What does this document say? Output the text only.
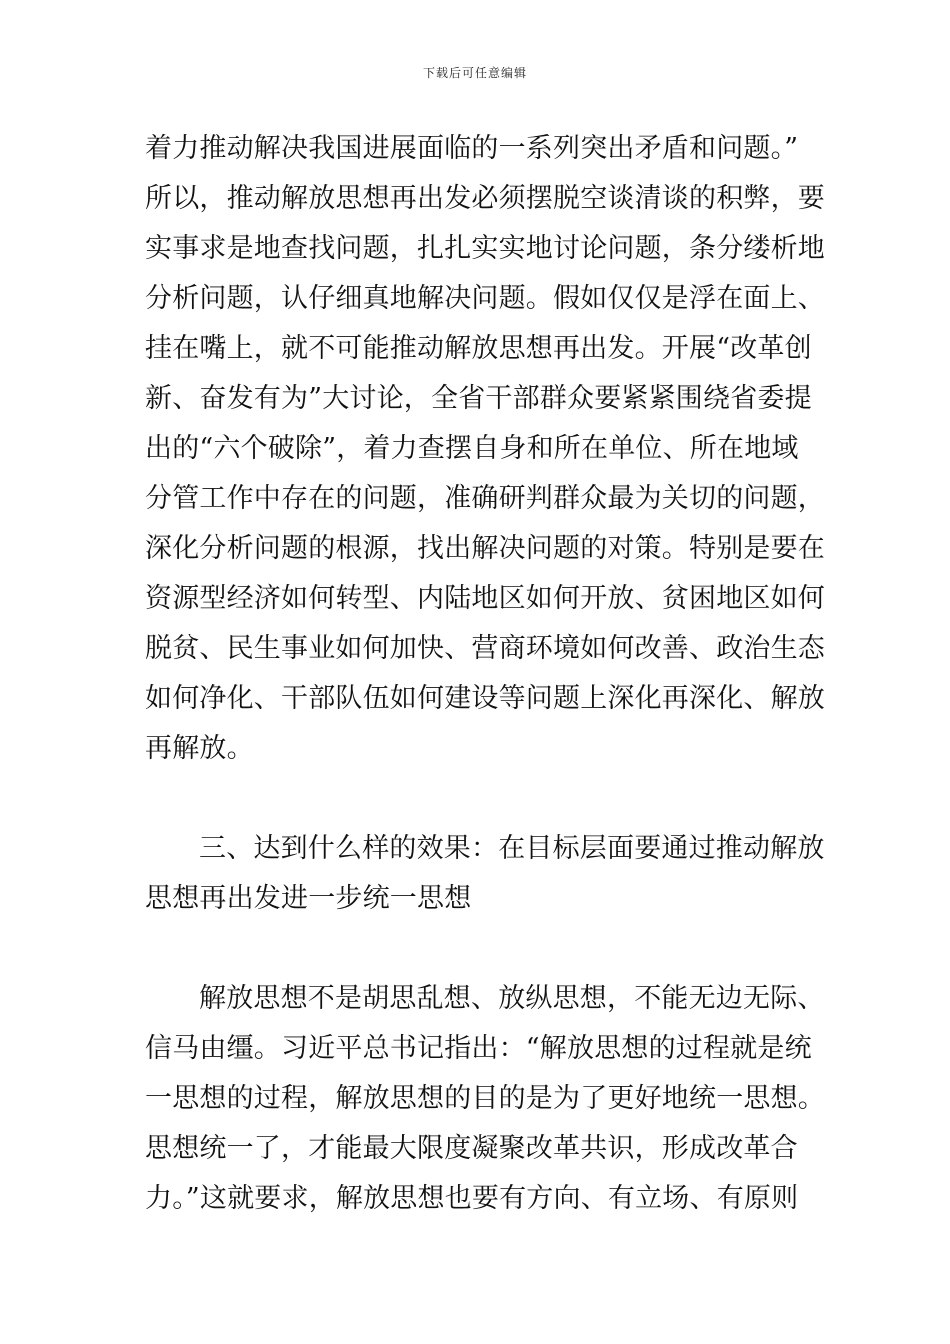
下载后可任意编辑
着力推动解决我国进展面临的一系列突出矛盾和问题。”
所以，推动解放思想再出发必须摆脱空谈清谈的积弊，要
实事求是地查找问题，扎扎实实地讨论问题，条分缕析地
分析问题，认仔细真地解决问题。假如仅仅是浮在面上、
挂在嘴上，就不可能推动解放思想再出发。开展“改革创
新、奋发有为”大讨论，全省干部群众要紧紧围绕省委提
出的“六个破除”，着力查摆自身和所在单位、所在地域
分管工作中存在的问题，准确研判群众最为关切的问题，
深化分析问题的根源，找出解决问题的对策。特别是要在
资源型经济如何转型、内陆地区如何开放、贫困地区如何
脱贫、民生事业如何加快、营商环境如何改善、政治生态
如何净化、干部队伍如何建设等问题上深化再深化、解放
再解放。
三、达到什么样的效果：在目标层面要通过推动解放
思想再出发进一步统一思想
解放思想不是胡思乱想、放纵思想，不能无边无际、
信马由缰。习近平总书记指出：“解放思想的过程就是统
一思想的过程，解放思想的目的是为了更好地统一思想。
思想统一了，才能最大限度凝聚改革共识，形成改革合
力。”这就要求，解放思想也要有方向、有立场、有原则
